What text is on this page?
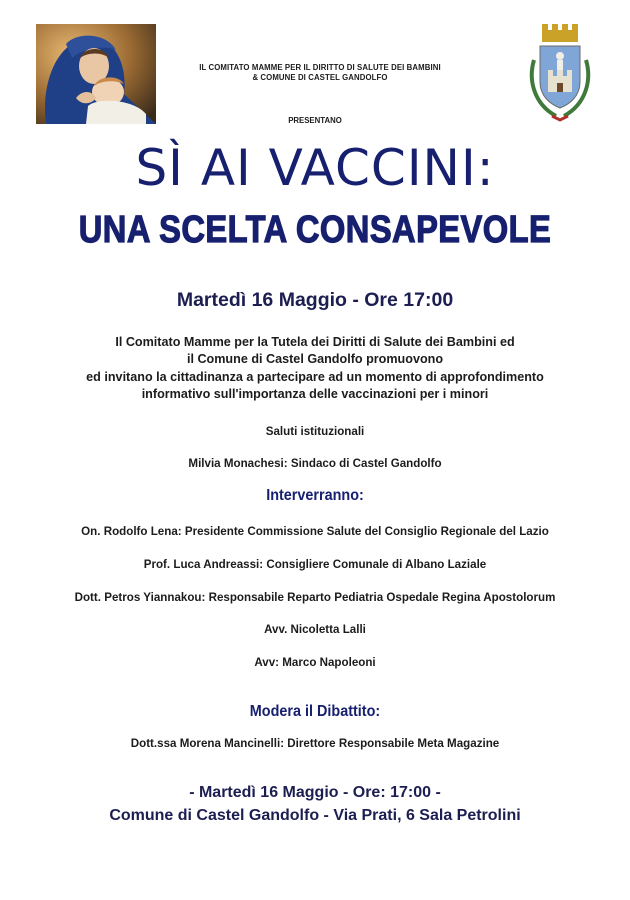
IL COMITATO MAMME PER IL DIRITTO DI SALUTE DEI BAMBINI
& COMUNE DI CASTEL GANDOLFO
PRESENTANO
SÌ AI VACCINI:
UNA SCELTA CONSAPEVOLE
Martedì 16 Maggio - Ore 17:00
Il Comitato Mamme per la Tutela dei Diritti di Salute dei Bambini ed
il Comune di Castel Gandolfo promuovono
ed invitano la cittadinanza a partecipare ad un momento di approfondimento
informativo sull'importanza delle vaccinazioni per i minori
Saluti istituzionali
Milvia Monachesi: Sindaco di Castel Gandolfo
Interverranno:
On. Rodolfo Lena: Presidente Commissione Salute del Consiglio Regionale del Lazio
Prof. Luca Andreassi: Consigliere Comunale di Albano Laziale
Dott. Petros Yiannakou: Responsabile Reparto Pediatria Ospedale Regina Apostolorum
Avv. Nicoletta Lalli
Avv: Marco Napoleoni
Modera il Dibattito:
Dott.ssa Morena Mancinelli: Direttore Responsabile Meta Magazine
- Martedì 16 Maggio - Ore: 17:00 -
Comune di Castel Gandolfo - Via Prati, 6 Sala Petrolini
